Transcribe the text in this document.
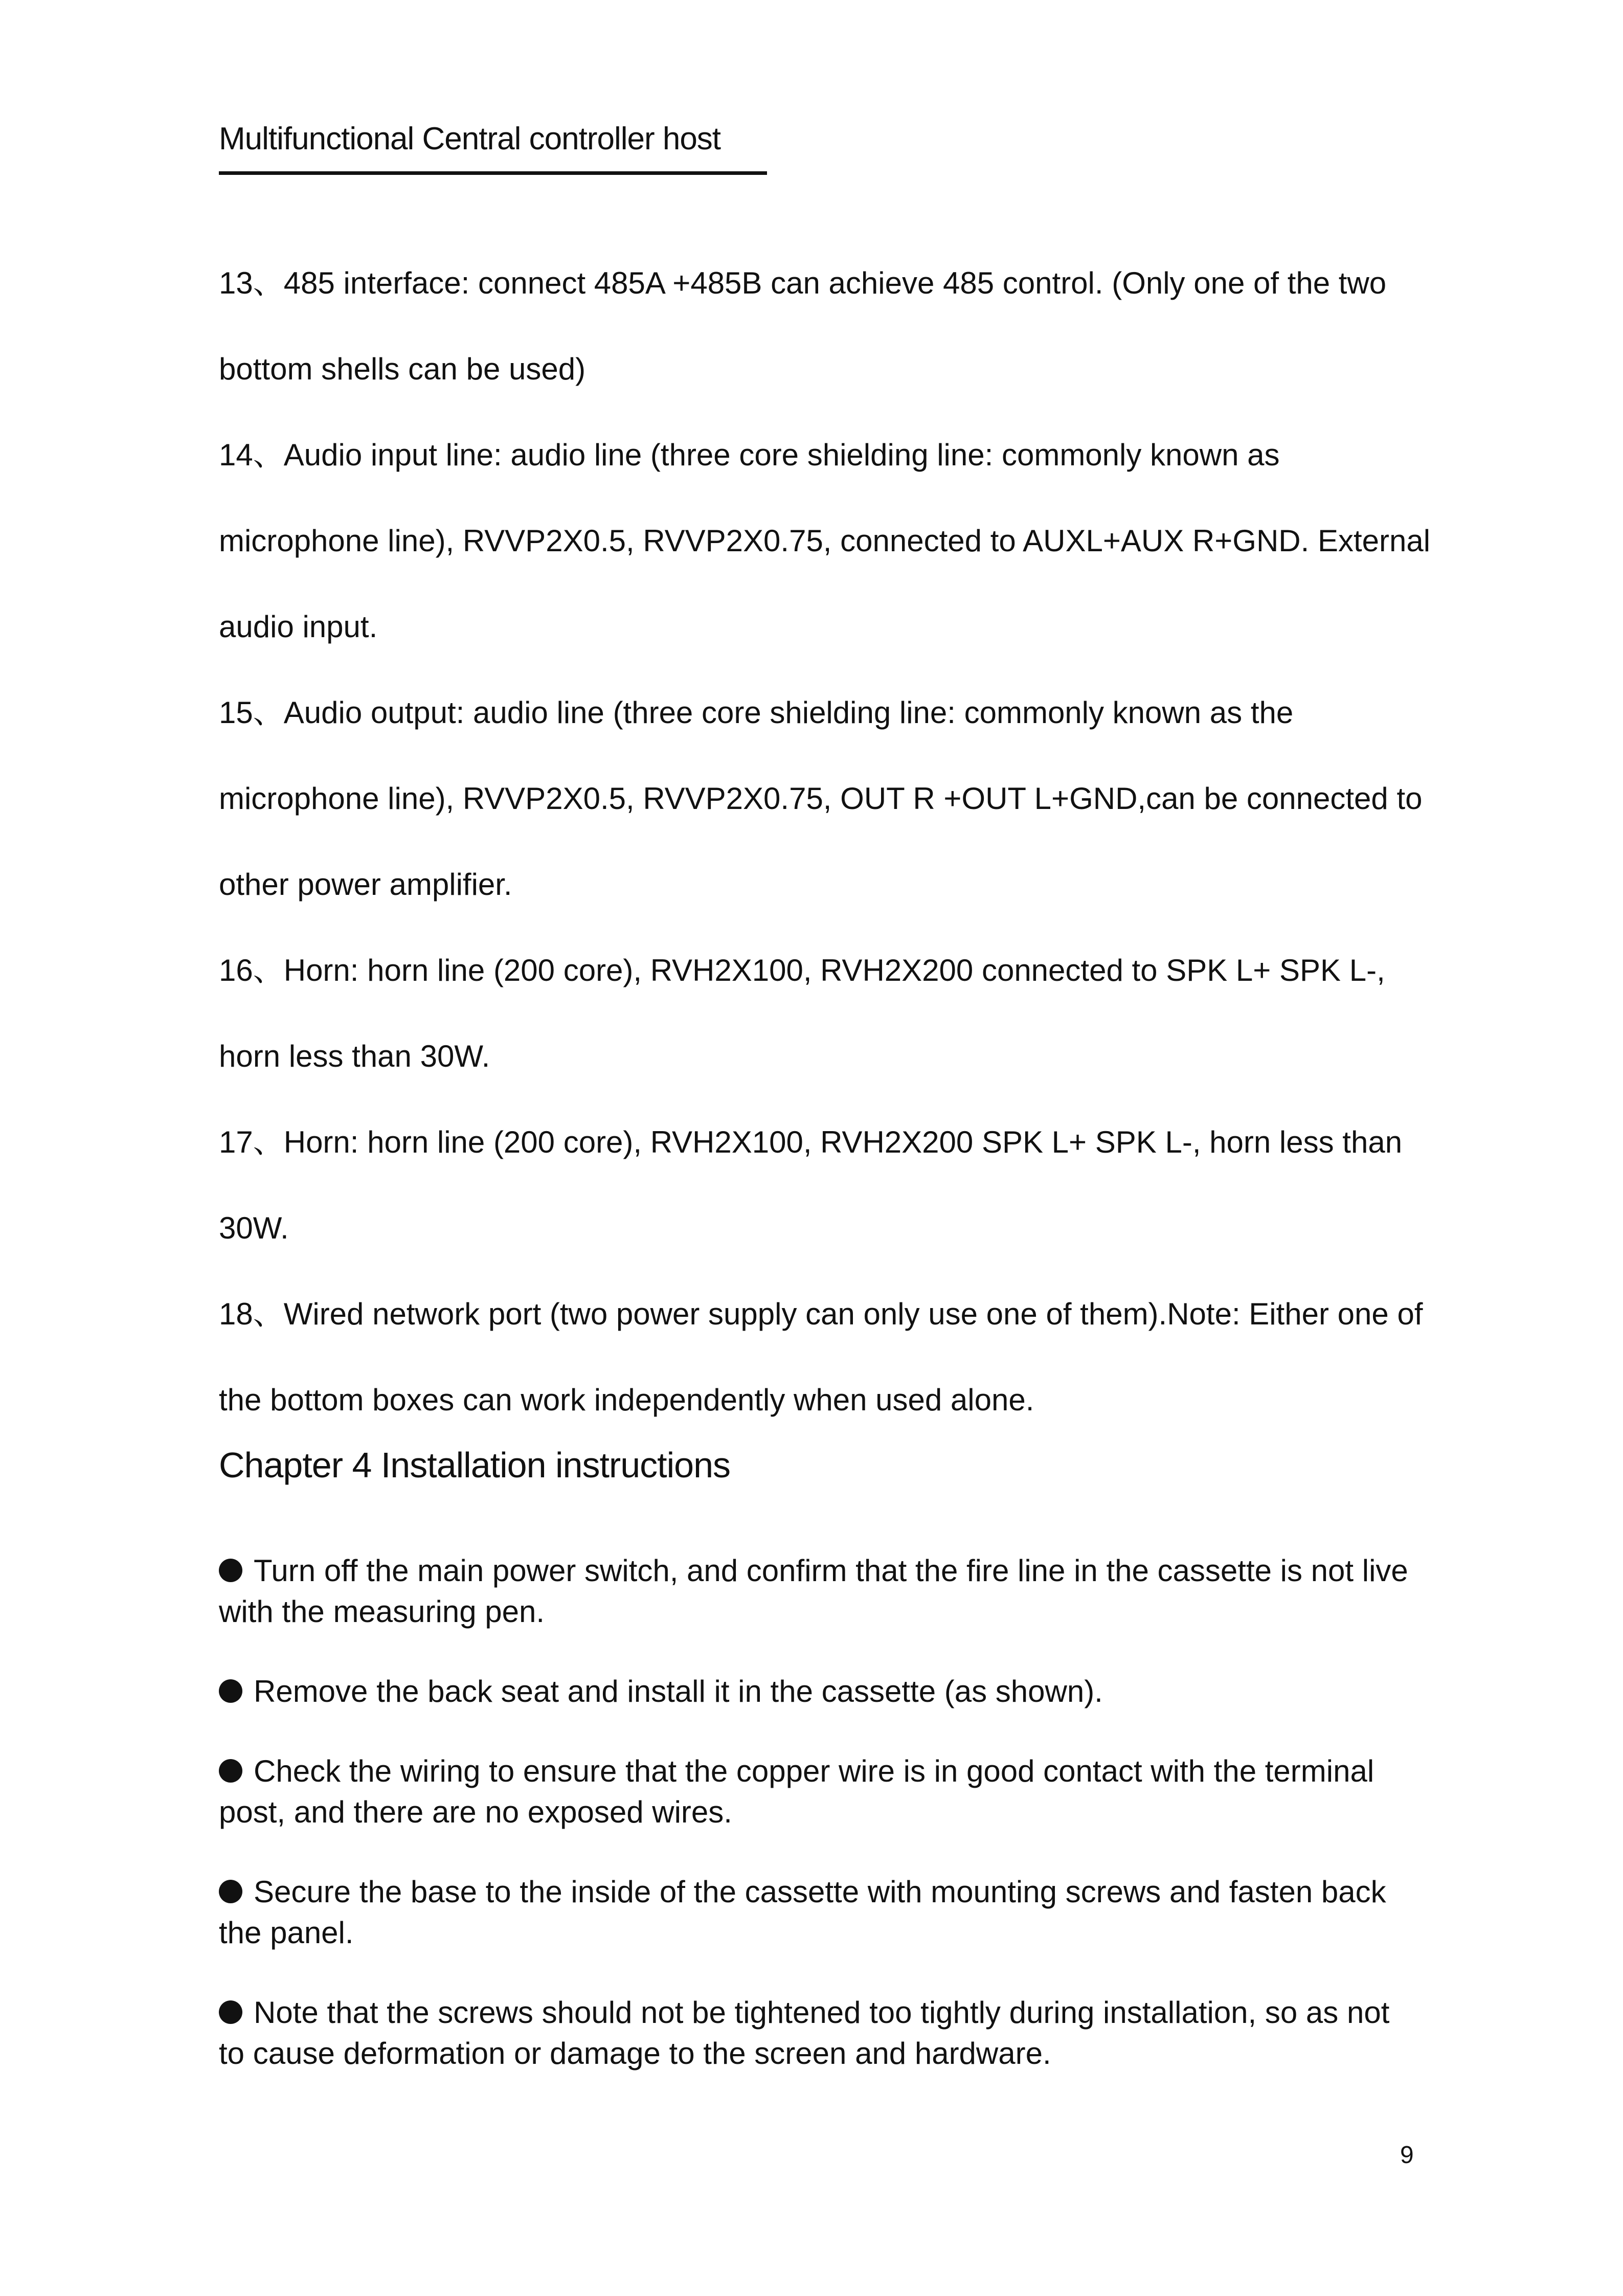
Multifunctional Central controller host

13、485 interface: connect 485A +485B can achieve 485 control. (Only one of the two
bottom shells can be used)

14、Audio input line: audio line (three core shielding line: commonly known as
microphone line), RVVP2X0.5, RVVP2X0.75, connected to AUXL+AUX R+GND. External
audio input.

15、Audio output: audio line (three core shielding line: commonly known as the
microphone line), RVVP2X0.5, RVVP2X0.75, OUT R +OUT L+GND,can be connected to
other power amplifier.

16、Horn: horn line (200 core), RVH2X100, RVH2X200 connected to SPK L+ SPK L-,
horn less than 30W.

17、Horn: horn line (200 core), RVH2X100, RVH2X200 SPK L+ SPK L-, horn less than
30W.

18、Wired network port (two power supply can only use one of them).Note: Either one of
the bottom boxes can work independently when used alone.

Chapter 4 Installation instructions
Turn off the main power switch, and confirm that the fire line in the cassette is not live
with the measuring pen.
Remove the back seat and install it in the cassette (as shown).
Check the wiring to ensure that the copper wire is in good contact with the terminal
post, and there are no exposed wires.
Secure the base to the inside of the cassette with mounting screws and fasten back
the panel.
Note that the screws should not be tightened too tightly during installation, so as not
to cause deformation or damage to the screen and hardware.
9
